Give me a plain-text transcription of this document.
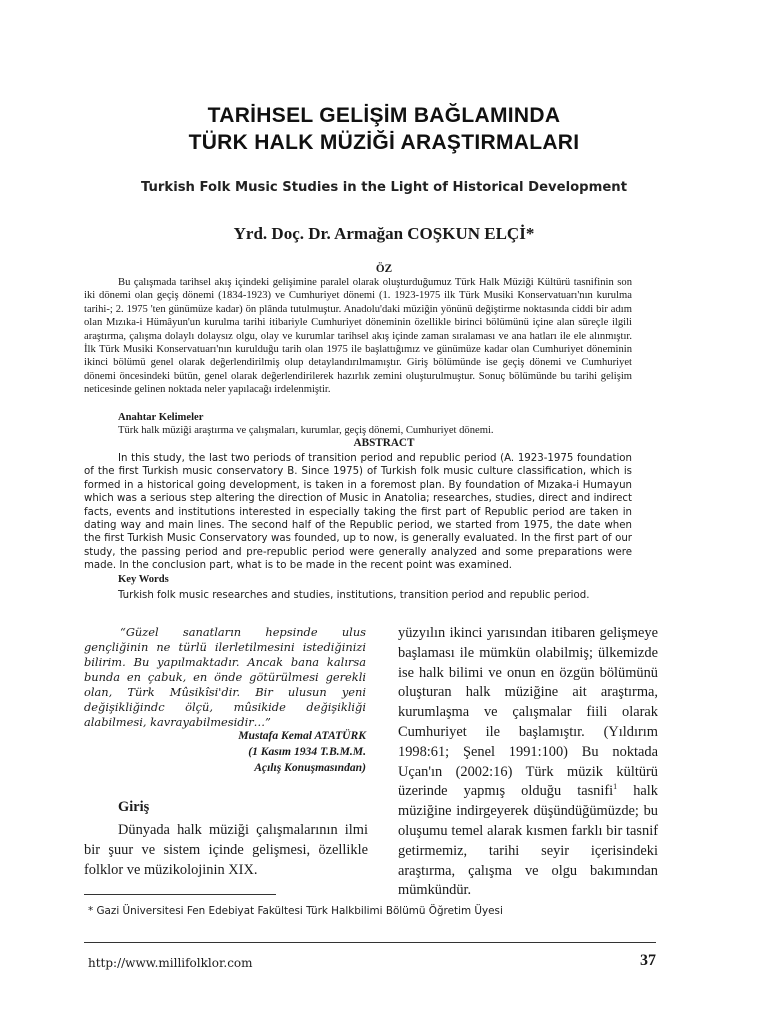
TARİHSEL GELİŞİM BAĞLAMINDA
TÜRK HALK MÜZİĞİ ARAŞTIRMALARI
Turkish Folk Music Studies in the Light of Historical Development
Yrd. Doç. Dr. Armağan COŞKUN ELÇİ*
ÖZ

Bu çalışmada tarihsel akış içindeki gelişimine paralel olarak oluşturduğumuz Türk Halk Müziği Kültürü tasnifinin son iki dönemi olan geçiş dönemi (1834-1923) ve Cumhuriyet dönemi (1. 1923-1975 ilk Türk Musiki Konservatuarı'nın kurulma tarihi-; 2. 1975 'ten günümüze kadar) ön plânda tutulmuştur. Anadolu'daki müziğin yönünü değiştirme noktasında ciddi bir adım olan Mızıka-i Hümâyun'un kurulma tarihi itibariyle Cumhuriyet döneminin özellikle birinci bölümünü içine alan süreçle ilgili araştırma, çalışma dolaylı dolaysız olgu, olay ve kurumlar tarihsel akış içinde zaman sıralaması ve ana hatları ile ele alınmıştır. İlk Türk Musiki Konservatuarı'nın kurulduğu tarih olan 1975 ile başlattığımız ve günümüze kadar olan Cumhuriyet döneminin ikinci bölümü genel olarak değerlendirilmiş olup detaylandırılmamıştır. Giriş bölümünde ise geçiş dönemi ve Cumhuriyet dönemi öncesindeki bütün, genel olarak değerlendirilerek hazırlık zemini oluşturulmuştur. Sonuç bölümünde bu tarihi gelişim neticesinde gelinen noktada neler yapılacağı irdelenmiştir.

Anahtar Kelimeler
Türk halk müziği araştırma ve çalışmaları, kurumlar, geçiş dönemi, Cumhuriyet dönemi.
ABSTRACT

In this study, the last two periods of transition period and republic period (A. 1923-1975 foundation of the first Turkish music conservatory B. Since 1975) of Turkish folk music culture classification, which is formed in a historical going development, is taken in a foremost plan. By foundation of Mızaka-i Humayun which was a serious step altering the direction of Music in Anatolia; researches, studies, direct and indirect facts, events and institutions interested in especially taking the first part of Republic period are taken in dating way and main lines. The second half of the Republic period, we started from 1975, the date when the first Turkish Music Conservatory was founded, up to now, is generally evaluated. In the first part of our study, the passing period and pre-republic period were generally analyzed and some preparations were made. In the conclusion part, what is to be made in the recent point was examined.

Key Words
Turkish folk music researches and studies, institutions, transition period and republic period.

“Güzel sanatların hepsinde ulus gençliğinin ne türlü ilerletilmesini istediğinizi bilirim. Bu yapılmaktadır. Ancak bana kalırsa bunda en çabuk, en önde götürülmesi gerekli olan, Türk Mûsikîsi'dir. Bir ulusun yeni değişikliğindc ölçü, mûsikide değişikliği alabilmesi, kavrayabilmesidir…”

Mustafa Kemal ATATÜRK
(1 Kasım 1934 T.B.M.M.
Açılış Konuşmasından)
Giriş

Dünyada halk müziği çalışmalarının ilmi bir şuur ve sistem içinde gelişmesi, özellikle folklor ve müzikolojinin XIX.

yüzyılın ikinci yarısından itibaren gelişmeye başlaması ile mümkün olabilmiş; ülkemizde ise halk bilimi ve onun en özgün bölümünü oluşturan halk müziğine ait araştırma, kurumlaşma ve çalışmalar fiili olarak Cumhuriyet ile başlamıştır. (Yıldırım 1998:61; Şenel 1991:100) Bu noktada Uçan'ın (2002:16) Türk müzik kültürü üzerinde yapmış olduğu tasnifi$^1$ halk müziğine indirgeyerek düşündüğümüzde; bu oluşumu temel alarak kısmen farklı bir tasnif getirmemiz, tarihi seyir içerisindeki araştırma, çalışma ve olgu bakımından mümkündür.

* Gazi Üniversitesi Fen Edebiyat Fakültesi Türk Halkbilimi Bölümü Öğretim Üyesi
http://www.millifolklor.com	37
